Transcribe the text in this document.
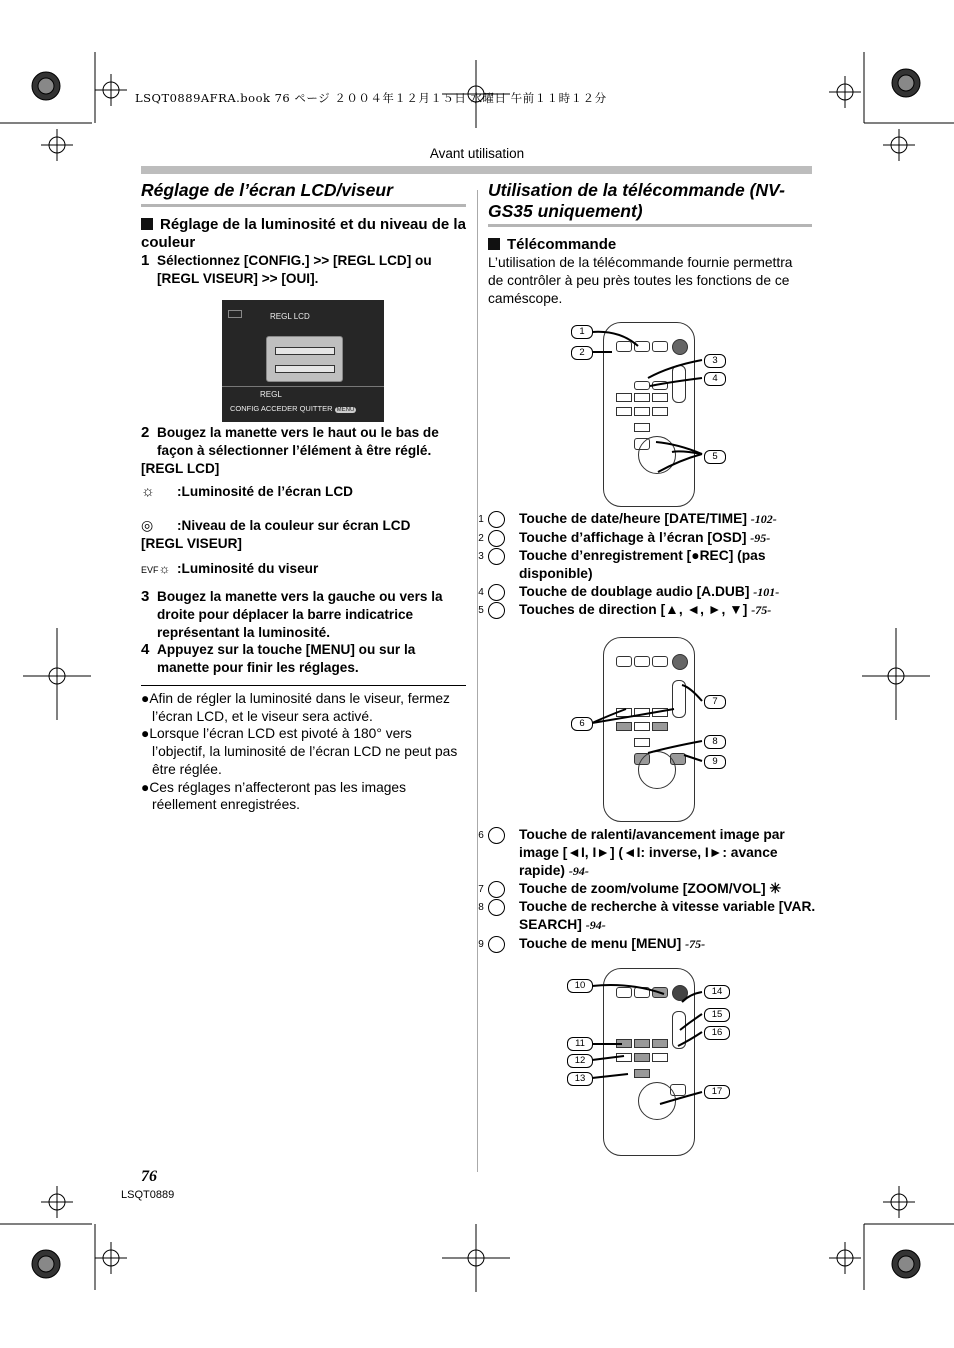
LSQT0889AFRA.book 76 ページ ２００４年１２月１５日 水曜日 午前１１時１２分
Avant utilisation
Réglage de l’écran LCD/viseur
Réglage de la luminosité et du niveau de la couleur
1 Sélectionnez [CONFIG.] >> [REGL LCD] ou [REGL VISEUR] >> [OUI].
REGL LCD
REGL
CONFIG ACCEDER QUITTER MENU
2 Bougez la manette vers le haut ou le bas de façon à sélectionner l’élément à être réglé.
[REGL LCD]
☼ :Luminosité de l’écran LCD
◎ :Niveau de la couleur sur écran LCD
[REGL VISEUR]
EVF☼ :Luminosité du viseur
3 Bougez la manette vers la gauche ou vers la droite pour déplacer la barre indicatrice représentant la luminosité.
4 Appuyez sur la touche [MENU] ou sur la manette pour finir les réglages.
●Afin de régler la luminosité dans le viseur, fermez l’écran LCD, et le viseur sera activé.
●Lorsque l’écran LCD est pivoté à 180° vers l’objectif, la luminosité de l’écran LCD ne peut pas être réglée.
●Ces réglages n’affecteront pas les images réellement enregistrées.
Utilisation de la télécommande (NV-GS35 uniquement)
Télécommande
L’utilisation de la télécommande fournie permettra de contrôler à peu près toutes les fonctions de ce caméscope.
1
2
3
4
5
1	Touche de date/heure [DATE/TIME] -102-
2	Touche d’affichage à l’écran [OSD] -95-
3	Touche d’enregistrement [●REC] (pas disponible)
4	Touche de doublage audio [A.DUB] -101-
5	Touches de direction [▲, ◄, ►, ▼] -75-
6
7
8
9
6	Touche de ralenti/avancement image par image [◄I, I►] (◄I: inverse, I►: avance rapide) -94-
7	Touche de zoom/volume [ZOOM/VOL] ✳
8	Touche de recherche à vitesse variable [VAR. SEARCH] -94-
9	Touche de menu [MENU] -75-
10
14
15
16
11
12
13
17
76
LSQT0889
